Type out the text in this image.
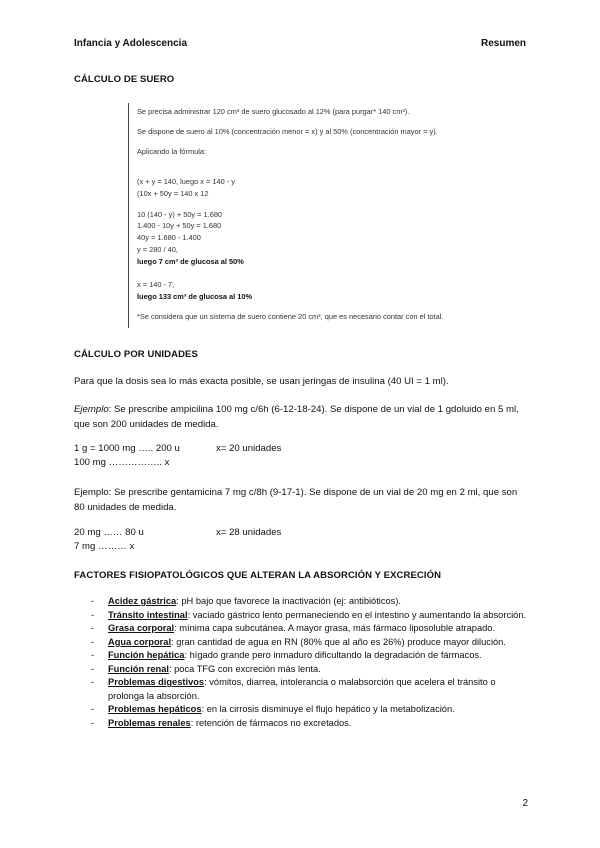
Infancia y Adolescencia	Resumen
CÁLCULO DE SUERO
Se precisa administrar 120 cm³ de suero glucosado al 12% (para purgar* 140 cm³).
Se dispone de suero al 10% (concentración menor = x) y al 50% (concentración mayor = y).
Aplicando la fórmula:
(x + y = 140, luego x = 140 - y
(10x + 50y = 140 x 12
10 (140 - y) + 50y = 1.680
1.400 - 10y + 50y = 1.680
40y = 1.680 - 1.400
y = 280 / 40,
luego 7 cm³ de glucosa al 50%
x = 140 - 7,
luego 133 cm³ de glucosa al 10%
*Se considera que un sistema de suero contiene 20 cm³, que es necesario contar con el total.
CÁLCULO POR UNIDADES
Para que la dosis sea lo más exacta posible, se usan jeringas de insulina (40 UI = 1 ml).
Ejemplo: Se prescribe ampicilina 100 mg c/6h (6-12-18-24). Se dispone de un vial de 1 gdoluido en 5 ml, que son 200 unidades de medida.
1 g = 1000 mg ….. 200 u	x= 20 unidades
100 mg …………….. x
Ejemplo: Se prescribe gentamicina 7 mg c/8h (9-17-1). Se dispone de un vial de 20 mg en 2 ml, que son 80 unidades de medida.
20 mg …… 80 u	x= 28 unidades
7 mg ……… x
FACTORES FISIOPATOLÓGICOS QUE ALTERAN LA ABSORCIÓN Y EXCRECIÓN
- Acidez gástrica: pH bajo que favorece la inactivación (ej: antibióticos).
- Tránsito intestinal: vaciado gástrico lento permaneciendo en el intestino y aumentando la absorción.
- Grasa corporal: mínima capa subcutánea. A mayor grasa, más fármaco liposoluble atrapado.
- Agua corporal: gran cantidad de agua en RN (80% que al año es 26%) produce mayor dilución.
- Función hepática: hígado grande pero inmaduro dificultando la degradación de fármacos.
- Función renal: poca TFG con excreción más lenta.
- Problemas digestivos: vómitos, diarrea, intolerancia o malabsorción que acelera el tránsito o prolonga la absorción.
- Problemas hepáticos: en la cirrosis disminuye el flujo hepático y la metabolización.
- Problemas renales: retención de fármacos no excretados.
2
